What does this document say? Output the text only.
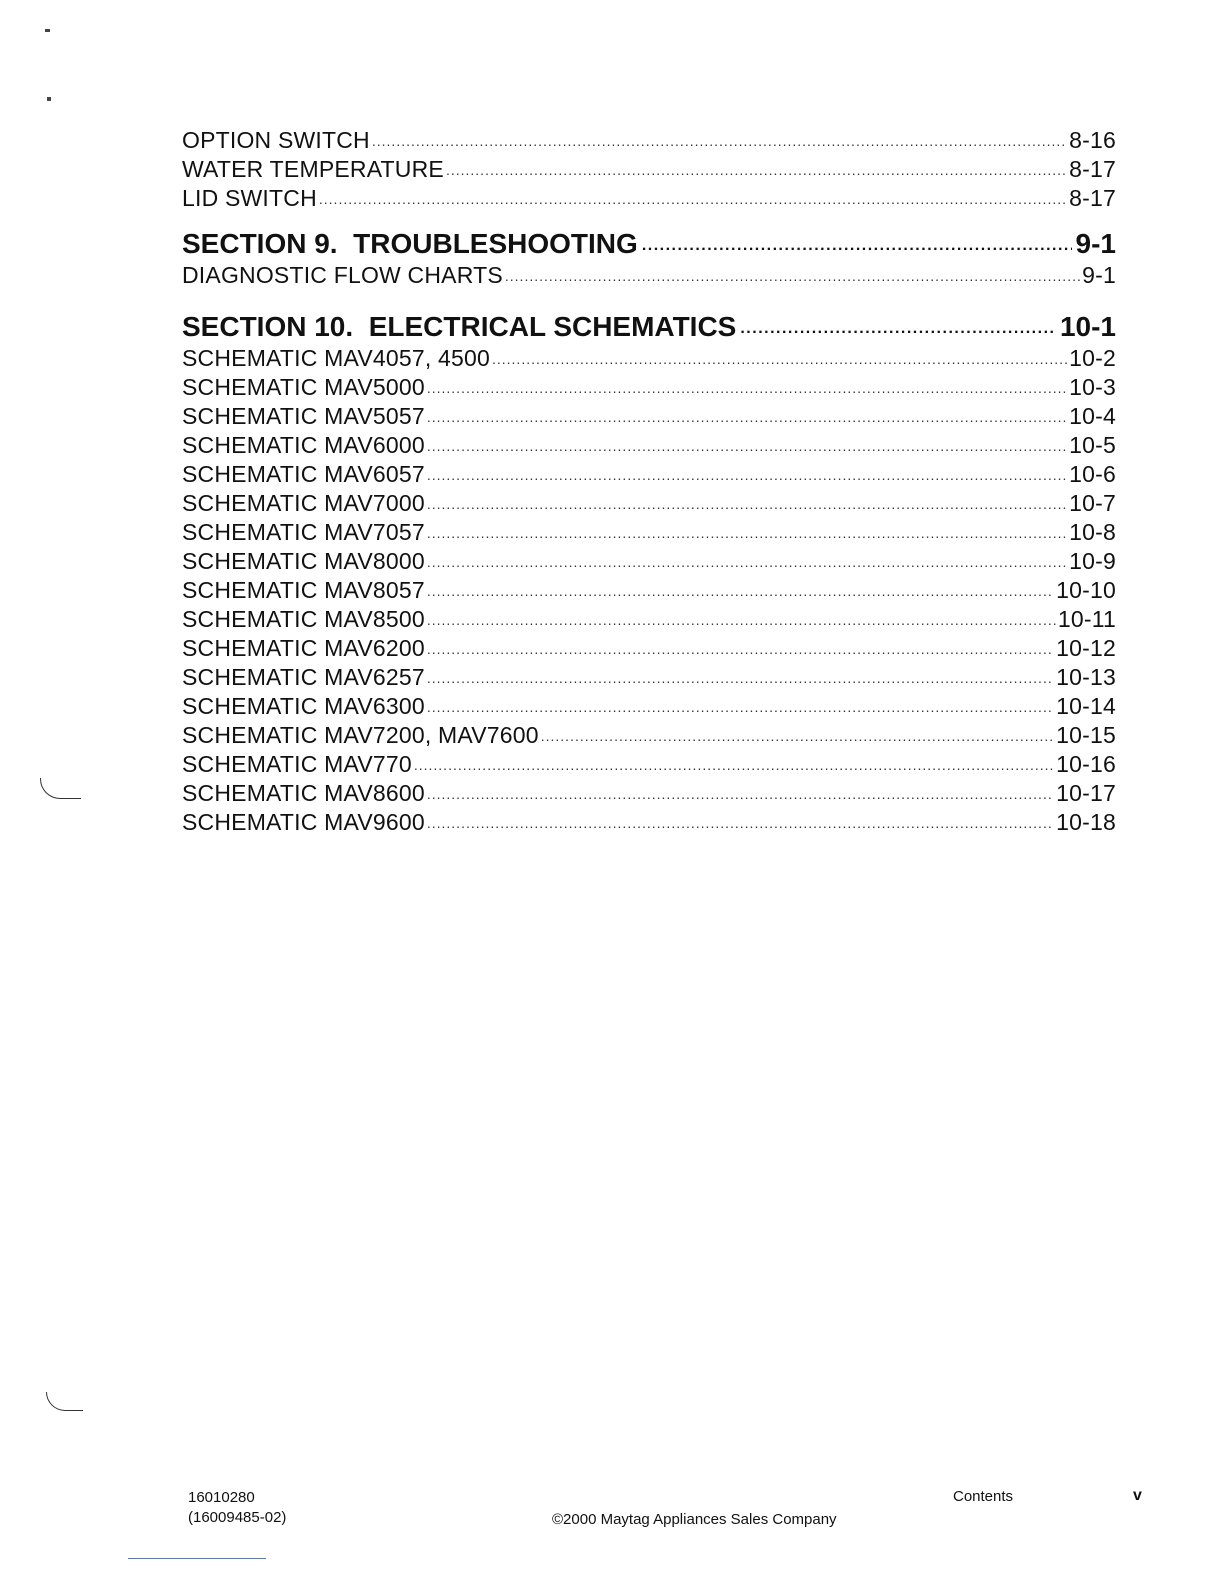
OPTION SWITCH .....	8-16
WATER TEMPERATURE .....	8-17
LID SWITCH .....	8-17
SECTION 9.  TROUBLESHOOTING .....	9-1
DIAGNOSTIC FLOW CHARTS .....	9-1
SECTION 10.  ELECTRICAL SCHEMATICS .....	10-1
SCHEMATIC MAV4057, 4500 .....	10-2
SCHEMATIC MAV5000 .....	10-3
SCHEMATIC MAV5057 .....	10-4
SCHEMATIC MAV6000 .....	10-5
SCHEMATIC MAV6057 .....	10-6
SCHEMATIC MAV7000 .....	10-7
SCHEMATIC MAV7057 .....	10-8
SCHEMATIC MAV8000 .....	10-9
SCHEMATIC MAV8057 .....	10-10
SCHEMATIC MAV8500 .....	10-11
SCHEMATIC MAV6200 .....	10-12
SCHEMATIC MAV6257 .....	10-13
SCHEMATIC MAV6300 .....	10-14
SCHEMATIC MAV7200, MAV7600 .....	10-15
SCHEMATIC MAV770 .....	10-16
SCHEMATIC MAV8600 .....	10-17
SCHEMATIC MAV9600 .....	10-18
16010280
(16009485-02)	©2000 Maytag Appliances Sales Company
Contents	v
